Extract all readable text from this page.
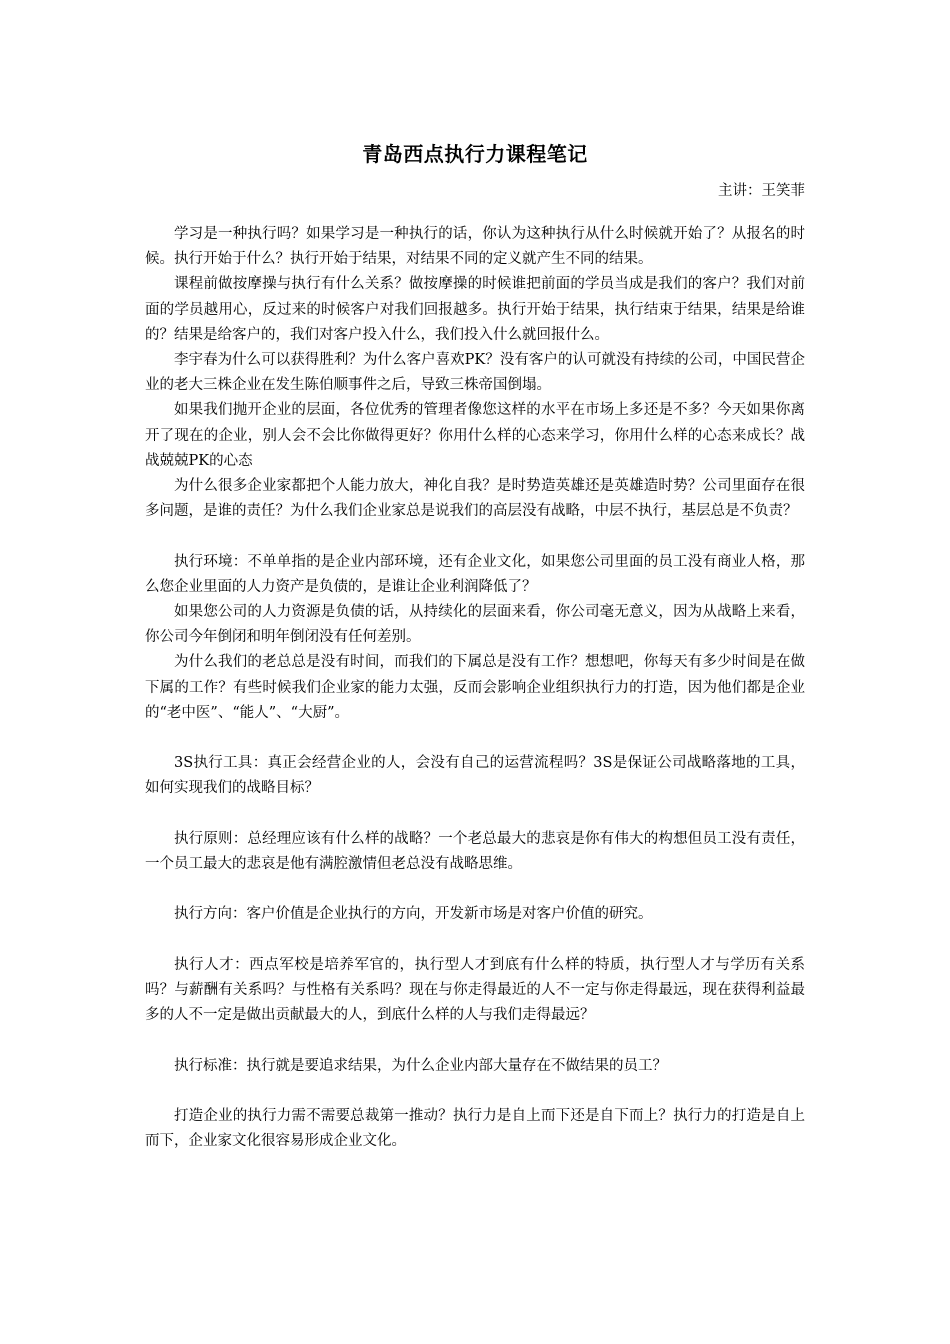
青岛西点执行力课程笔记
主讲：王笑菲

学习是一种执行吗？如果学习是一种执行的话，你认为这种执行从什么时候就开始了？从报名的时候。执行开始于什么？执行开始于结果，对结果不同的定义就产生不同的结果。

课程前做按摩操与执行有什么关系？做按摩操的时候谁把前面的学员当成是我们的客户？我们对前面的学员越用心，反过来的时候客户对我们回报越多。执行开始于结果，执行结束于结果，结果是给谁的？结果是给客户的，我们对客户投入什么，我们投入什么就回报什么。

李宇春为什么可以获得胜利？为什么客户喜欢PK？没有客户的认可就没有持续的公司，中国民营企业的老大三株企业在发生陈伯顺事件之后，导致三株帝国倒塌。

如果我们抛开企业的层面，各位优秀的管理者像您这样的水平在市场上多还是不多？今天如果你离开了现在的企业，别人会不会比你做得更好？你用什么样的心态来学习，你用什么样的心态来成长？战战兢兢PK的心态

为什么很多企业家都把个人能力放大，神化自我？是时势造英雄还是英雄造时势？公司里面存在很多问题，是谁的责任？为什么我们企业家总是说我们的高层没有战略，中层不执行，基层总是不负责？

执行环境：不单单指的是企业内部环境，还有企业文化，如果您公司里面的员工没有商业人格，那么您企业里面的人力资产是负债的，是谁让企业利润降低了？

如果您公司的人力资源是负债的话，从持续化的层面来看，你公司毫无意义，因为从战略上来看，你公司今年倒闭和明年倒闭没有任何差别。

为什么我们的老总总是没有时间，而我们的下属总是没有工作？想想吧，你每天有多少时间是在做下属的工作？有些时候我们企业家的能力太强，反而会影响企业组织执行力的打造，因为他们都是企业的“老中医”、“能人”、“大厨”。

3S执行工具：真正会经营企业的人，会没有自己的运营流程吗？3S是保证公司战略落地的工具，如何实现我们的战略目标？

执行原则：总经理应该有什么样的战略？一个老总最大的悲哀是你有伟大的构想但员工没有责任，一个员工最大的悲哀是他有满腔激情但老总没有战略思维。

执行方向：客户价值是企业执行的方向，开发新市场是对客户价值的研究。

执行人才：西点军校是培养军官的，执行型人才到底有什么样的特质，执行型人才与学历有关系吗？与薪酬有关系吗？与性格有关系吗？现在与你走得最近的人不一定与你走得最远，现在获得利益最多的人不一定是做出贡献最大的人，到底什么样的人与我们走得最远？

执行标准：执行就是要追求结果，为什么企业内部大量存在不做结果的员工？

打造企业的执行力需不需要总裁第一推动？执行力是自上而下还是自下而上？执行力的打造是自上而下，企业家文化很容易形成企业文化。
